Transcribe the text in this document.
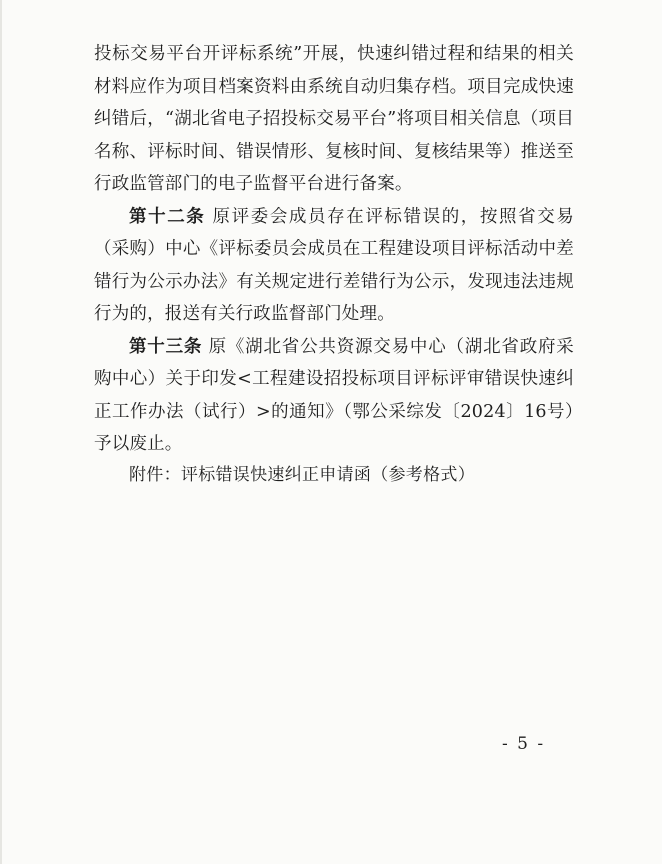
投标交易平台开评标系统”开展，快速纠错过程和结果的相关材料应作为项目档案资料由系统自动归集存档。项目完成快速纠错后，“湖北省电子招投标交易平台”将项目相关信息（项目名称、评标时间、错误情形、复核时间、复核结果等）推送至行政监管部门的电子监督平台进行备案。

第十二条 原评委会成员存在评标错误的，按照省交易（采购）中心《评标委员会成员在工程建设项目评标活动中差错行为公示办法》有关规定进行差错行为公示，发现违法违规行为的，报送有关行政监督部门处理。

第十三条 原《湖北省公共资源交易中心（湖北省政府采购中心）关于印发<工程建设招投标项目评标评审错误快速纠正工作办法（试行）>的通知》（鄂公采综发〔2024〕16号）予以废止。

附件：评标错误快速纠正申请函（参考格式）

- 5 -
